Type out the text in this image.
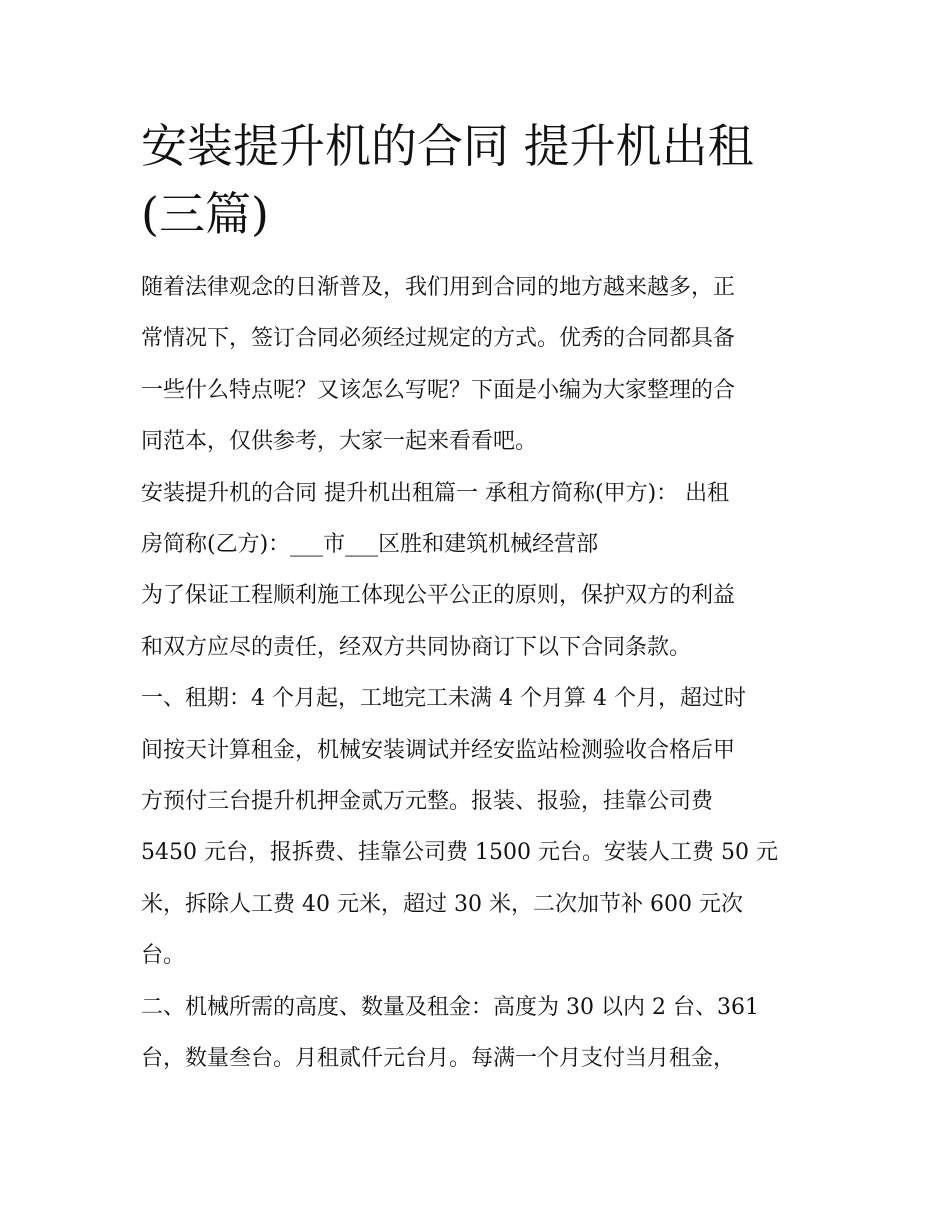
安装提升机的合同 提升机出租
(三篇)

随着法律观念的日渐普及，我们用到合同的地方越来越多，正
常情况下，签订合同必须经过规定的方式。优秀的合同都具备
一些什么特点呢？又该怎么写呢？下面是小编为大家整理的合
同范本，仅供参考，大家一起来看看吧。

安装提升机的合同 提升机出租篇一 承租方简称(甲方)： 出租
房简称(乙方)：___市___区胜和建筑机械经营部

为了保证工程顺利施工体现公平公正的原则，保护双方的利益
和双方应尽的责任，经双方共同协商订下以下合同条款。

一、租期：4 个月起，工地完工未满 4 个月算 4 个月，超过时
间按天计算租金，机械安装调试并经安监站检测验收合格后甲
方预付三台提升机押金贰万元整。报装、报验，挂靠公司费
5450 元台，报拆费、挂靠公司费 1500 元台。安装人工费 50 元
米，拆除人工费 40 元米，超过 30 米，二次加节补 600 元次
台。

二、机械所需的高度、数量及租金：高度为 30 以内 2 台、361
台，数量叁台。月租贰仟元台月。每满一个月支付当月租金，
